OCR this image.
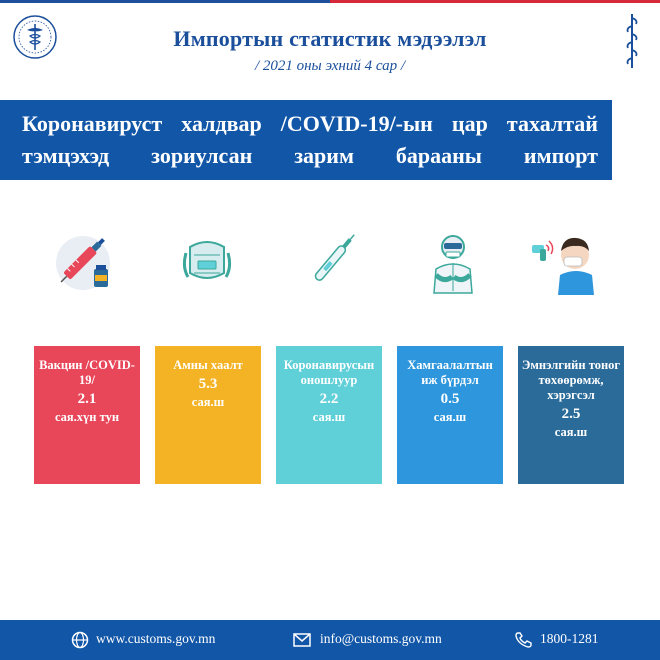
Импортын статистик мэдээлэл
/ 2021 оны эхний 4 сар /
Коронавируст халдвар /COVID-19/-ын цар тахалтай
тэмцэхэд зориулсан зарим барааны импорт
Вакцин /COVID-19/
2.1
сая.хүн тун
Амны хаалт
5.3
сая.ш
Коронавирусын оношлуур
2.2
сая.ш
Хамгаалалтын иж бүрдэл
0.5
сая.ш
Эмнэлгийн тоног төхөөрөмж, хэрэгсэл
2.5
сая.ш
www.customs.gov.mn	info@customs.gov.mn	1800-1281
